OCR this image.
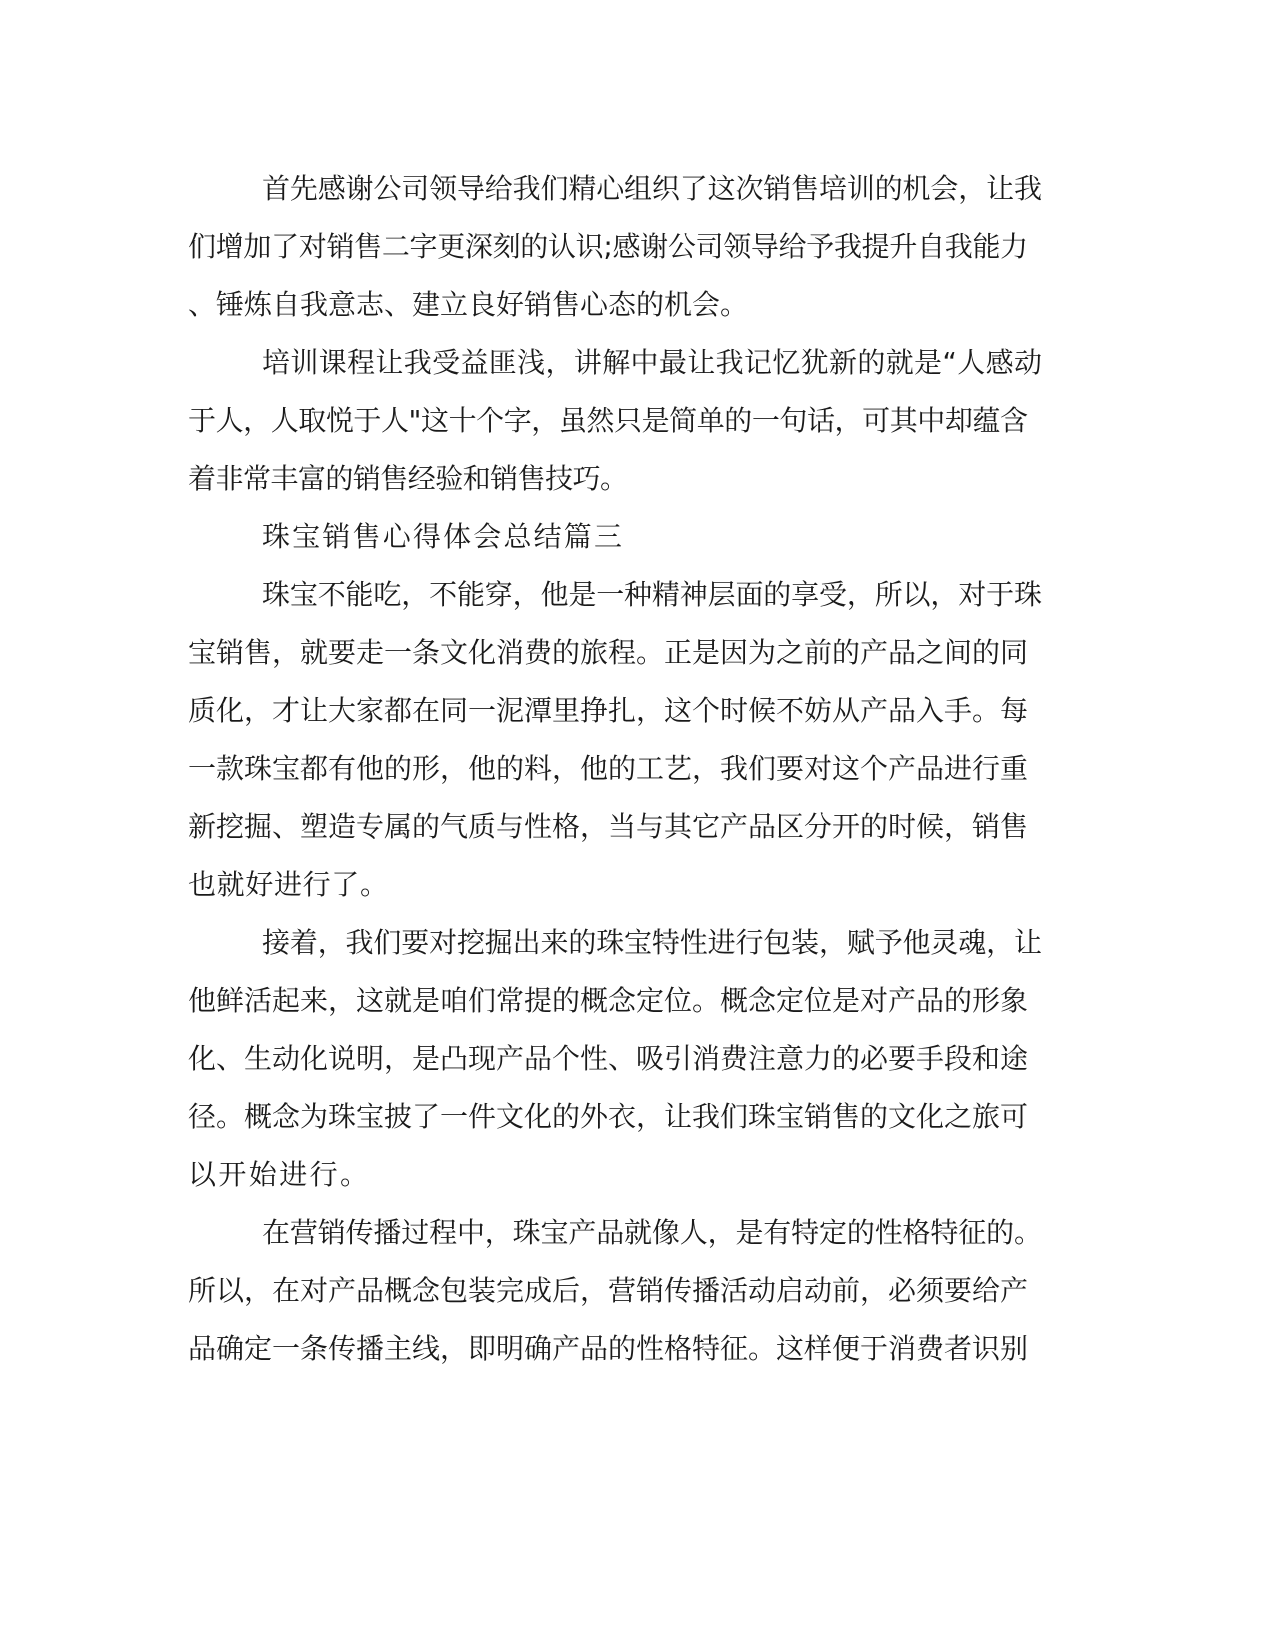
首先感谢公司领导给我们精心组织了这次销售培训的机会，让我

们增加了对销售二字更深刻的认识;感谢公司领导给予我提升自我能力

、锤炼自我意志、建立良好销售心态的机会。

培训课程让我受益匪浅，讲解中最让我记忆犹新的就是“人感动

于人，人取悦于人"这十个字，虽然只是简单的一句话，可其中却蕴含

着非常丰富的销售经验和销售技巧。

珠宝销售心得体会总结篇三

珠宝不能吃，不能穿，他是一种精神层面的享受，所以，对于珠

宝销售，就要走一条文化消费的旅程。正是因为之前的产品之间的同

质化，才让大家都在同一泥潭里挣扎，这个时候不妨从产品入手。每

一款珠宝都有他的形，他的料，他的工艺，我们要对这个产品进行重

新挖掘、塑造专属的气质与性格，当与其它产品区分开的时候，销售

也就好进行了。

接着，我们要对挖掘出来的珠宝特性进行包装，赋予他灵魂，让

他鲜活起来，这就是咱们常提的概念定位。概念定位是对产品的形象

化、生动化说明，是凸现产品个性、吸引消费注意力的必要手段和途

径。概念为珠宝披了一件文化的外衣，让我们珠宝销售的文化之旅可

以开始进行。

在营销传播过程中，珠宝产品就像人，是有特定的性格特征的。

所以，在对产品概念包装完成后，营销传播活动启动前，必须要给产

品确定一条传播主线，即明确产品的性格特征。这样便于消费者识别
